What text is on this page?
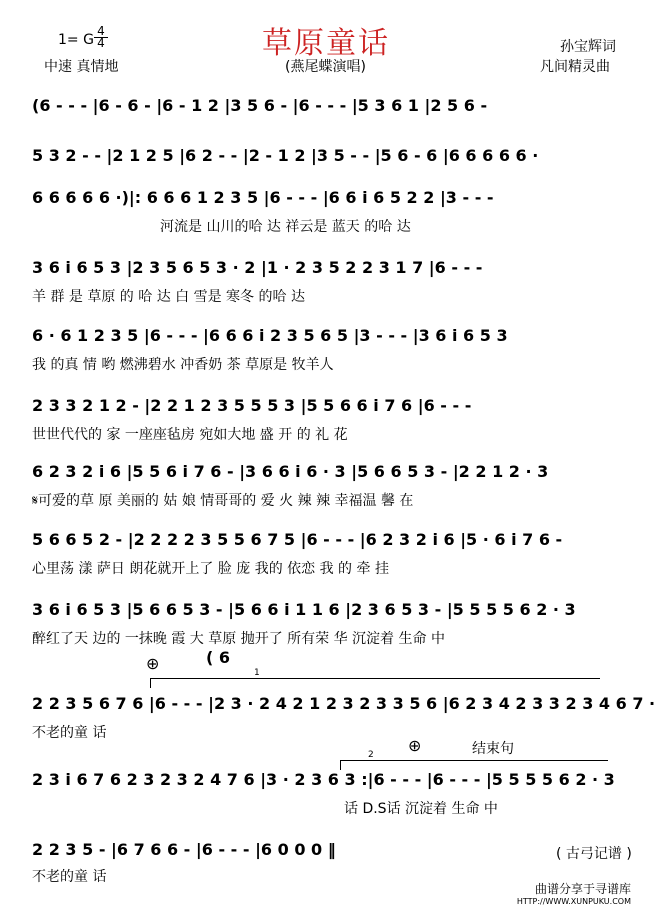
草原童话
1= G $\frac{4}{4}$
中速 真情地	(燕尾蝶演唱)
孙宝辉词
凡间精灵曲
(6 - - - |6 - 6 - |6 - 1 2 |3 5 6 - |6 - - - |5 3 6 1 |2 5 6 -
5 3 2 - - |2 1 2 5 |6 2 - - |2 - 1 2 |3 5 - - |5 6 - 6 |6 6 6 6 6 ·
6 6 6 6 6 ·)|: 6 6 6 1 2 3 5 |6 - - - |6 6 i 6 5 2 2 |3 - - -
河流是 山川的哈 达 祥云是 蓝天 的哈 达
3 6 i 6 5 3 |2 3 5 6 5 3 · 2 |1 · 2 3 5 2 2 3 1 7 |6 - - -
羊 群 是 草原 的 哈 达 白 雪是 寒冬 的哈 达
6 · 6 1 2 3 5 |6 - - - |6 6 6 i 2 3 5 6 5 |3 - - - |3 6 i 6 5 3
我 的真 情 哟 燃沸碧水 冲香奶 茶 草原是 牧羊人
2 3 3 2 1 2 - |2 2 1 2 3 5 5 5 3 |5 5 6 6 i 7 6 |6 - - -
世世代代的 家 一座座毡房 宛如大地 盛 开 的 礼 花
6 2 3 2 i 6 |5 5 6 i 7 6 - |3 6 6 i 6 · 3 |5 6 6 5 3 - |2 2 1 2 · 3
𝄋可爱的草 原 美丽的 姑 娘 情哥哥的 爱 火 辣 辣 幸福温 馨 在
5 6 6 5 2 - |2 2 2 2 3 5 5 6 7 5 |6 - - - |6 2 3 2 i 6 |5 · 6 i 7 6 -
心里荡 漾 萨日 朗花就开上了 脸 庞 我的 依恋 我 的 牵 挂
3 6 i 6 5 3 |5 6 6 5 3 - |5 6 6 i 1 1 6 |2 3 6 5 3 - |5 5 5 5 6 2 · 3
醉红了天 边的 一抹晚 霞 大 草原 抛开了 所有荣 华 沉淀着 生命 中
⊕	( 6
1
2 2 3 5 6 7 6 |6 - - - |2 3 · 2 4 2 1 2 3 2 3 3 5 6 |6 2 3 4 2 3 3 2 3 4 6 7 ·
不老的童 话
⊕	结束句
2
2 3 i 6 7 6 2 3 2 3 2 4 7 6 |3 · 2 3 6 3 :|6 - - - |6 - - - |5 5 5 5 6 2 · 3
话 D.S话 沉淀着 生命 中
2 2 3 5 - |6 7 6 6 - |6 - - - |6 0 0 0 ‖
不老的童 话
( 古弓记谱 )
曲谱分享于寻谱库
HTTP://WWW.XUNPUKU.COM
